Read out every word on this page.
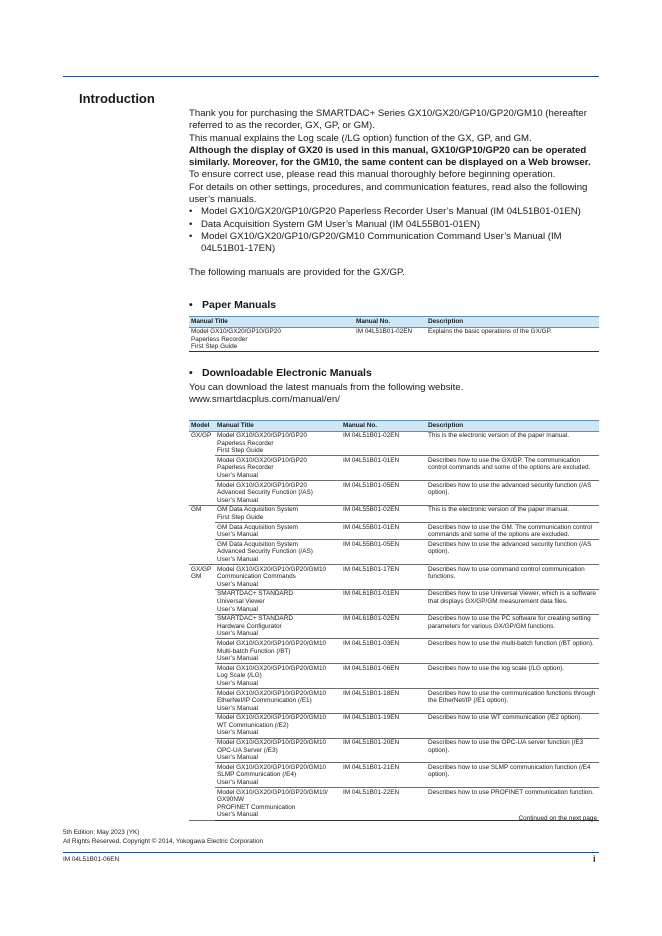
Introduction

Thank you for purchasing the SMARTDAC+ Series GX10/GX20/GP10/GP20/GM10 (hereafter referred to as the recorder, GX, GP, or GM).

This manual explains the Log scale (/LG option) function of the GX, GP, and GM.

Although the display of GX20 is used in this manual, GX10/GP10/GP20 can be operated similarly. Moreover, for the GM10, the same content can be displayed on a Web browser.

To ensure correct use, please read this manual thoroughly before beginning operation.

For details on other settings, procedures, and communication features, read also the following user’s manuals.

• Model GX10/GX20/GP10/GP20 Paperless Recorder User’s Manual (IM 04L51B01-01EN)
• Data Acquisition System GM User’s Manual (IM 04L55B01-01EN)
• Model GX10/GX20/GP10/GP20/GM10 Communication Command User’s Manual (IM 04L51B01-17EN)

The following manuals are provided for the GX/GP.

• Paper Manuals
Manual Title	Manual No.	Description
Model GX10/GX20/GP10/GP20
Paperless Recorder
First Step Guide	IM 04L51B01-02EN	Explains the basic operations of the GX/GP.
• Downloadable Electronic Manuals

You can download the latest manuals from the following website.

www.smartdacplus.com/manual/en/

Model	Manual Title	Manual No.	Description
GX/GP	Model GX10/GX20/GP10/GP20
Paperless Recorder
First Step Guide	IM 04L51B01-02EN	This is the electronic version of the paper manual.
	Model GX10/GX20/GP10/GP20
Paperless Recorder
User’s Manual	IM 04L51B01-01EN	Describes how to use the GX/GP. The communication control commands and some of the options are excluded.
	Model GX10/GX20/GP10/GP20
Advanced Security Function (/AS)
User’s Manual	IM 04L51B01-05EN	Describes how to use the advanced security function (/AS option).
GM	GM Data Acquisition System
First Step Guide	IM 04L55B01-02EN	This is the electronic version of the paper manual.
	GM Data Acquisition System
User’s Manual	IM 04L55B01-01EN	Describes how to use the GM. The communication control commands and some of the options are excluded.
	GM Data Acquisition System
Advanced Security Function (/AS)
User’s Manual	IM 04L55B01-05EN	Describes how to use the advanced security function (/AS option).
GX/GP
GM	Model GX10/GX20/GP10/GP20/GM10
Communication Commands
User’s Manual	IM 04L51B01-17EN	Describes how to use command control communication functions.
	SMARTDAC+ STANDARD
Universal Viewer
User’s Manual	IM 04L61B01-01EN	Describes how to use Universal Viewer, which is a software that displays GX/GP/GM measurement data files.
	SMARTDAC+ STANDARD
Hardware Configurator
User’s Manual	IM 04L61B01-02EN	Describes how to use the PC software for creating setting parameters for various GX/GP/GM functions.
	Model GX10/GX20/GP10/GP20/GM10
Multi-batch Function (/BT)
User’s Manual	IM 04L51B01-03EN	Describes how to use the multi-batch function (/BT option).
	Model GX10/GX20/GP10/GP20/GM10
Log Scale (/LG)
User’s Manual	IM 04L51B01-06EN	Describes how to use the log scale (/LG option).
	Model GX10/GX20/GP10/GP20/GM10
EtherNet/IP Communication (/E1)
User’s Manual	IM 04L51B01-18EN	Describes how to use the communication functions through the EtherNet/IP (/E1 option).
	Model GX10/GX20/GP10/GP20/GM10
WT Communication (/E2)
User’s Manual	IM 04L51B01-19EN	Describes how to use WT communication (/E2 option).
	Model GX10/GX20/GP10/GP20/GM10
OPC-UA Server (/E3)
User’s Manual	IM 04L51B01-20EN	Describes how to use the OPC-UA server function (/E3 option).
	Model GX10/GX20/GP10/GP20/GM10
SLMP Communication (/E4)
User’s Manual	IM 04L51B01-21EN	Describes how to use SLMP communication function (/E4 option).
	Model GX10/GX20/GP10/GP20/GM10/
GX90NW
PROFINET Communication
User’s Manual	IM 04L51B01-22EN	Describes how to use PROFINET communication function.
Continued on the next page

5th Edition: May 2023 (YK)

All Rights Reserved, Copyright © 2014, Yokogawa Electric Corporation

IM 04L51B01-06EN	i
